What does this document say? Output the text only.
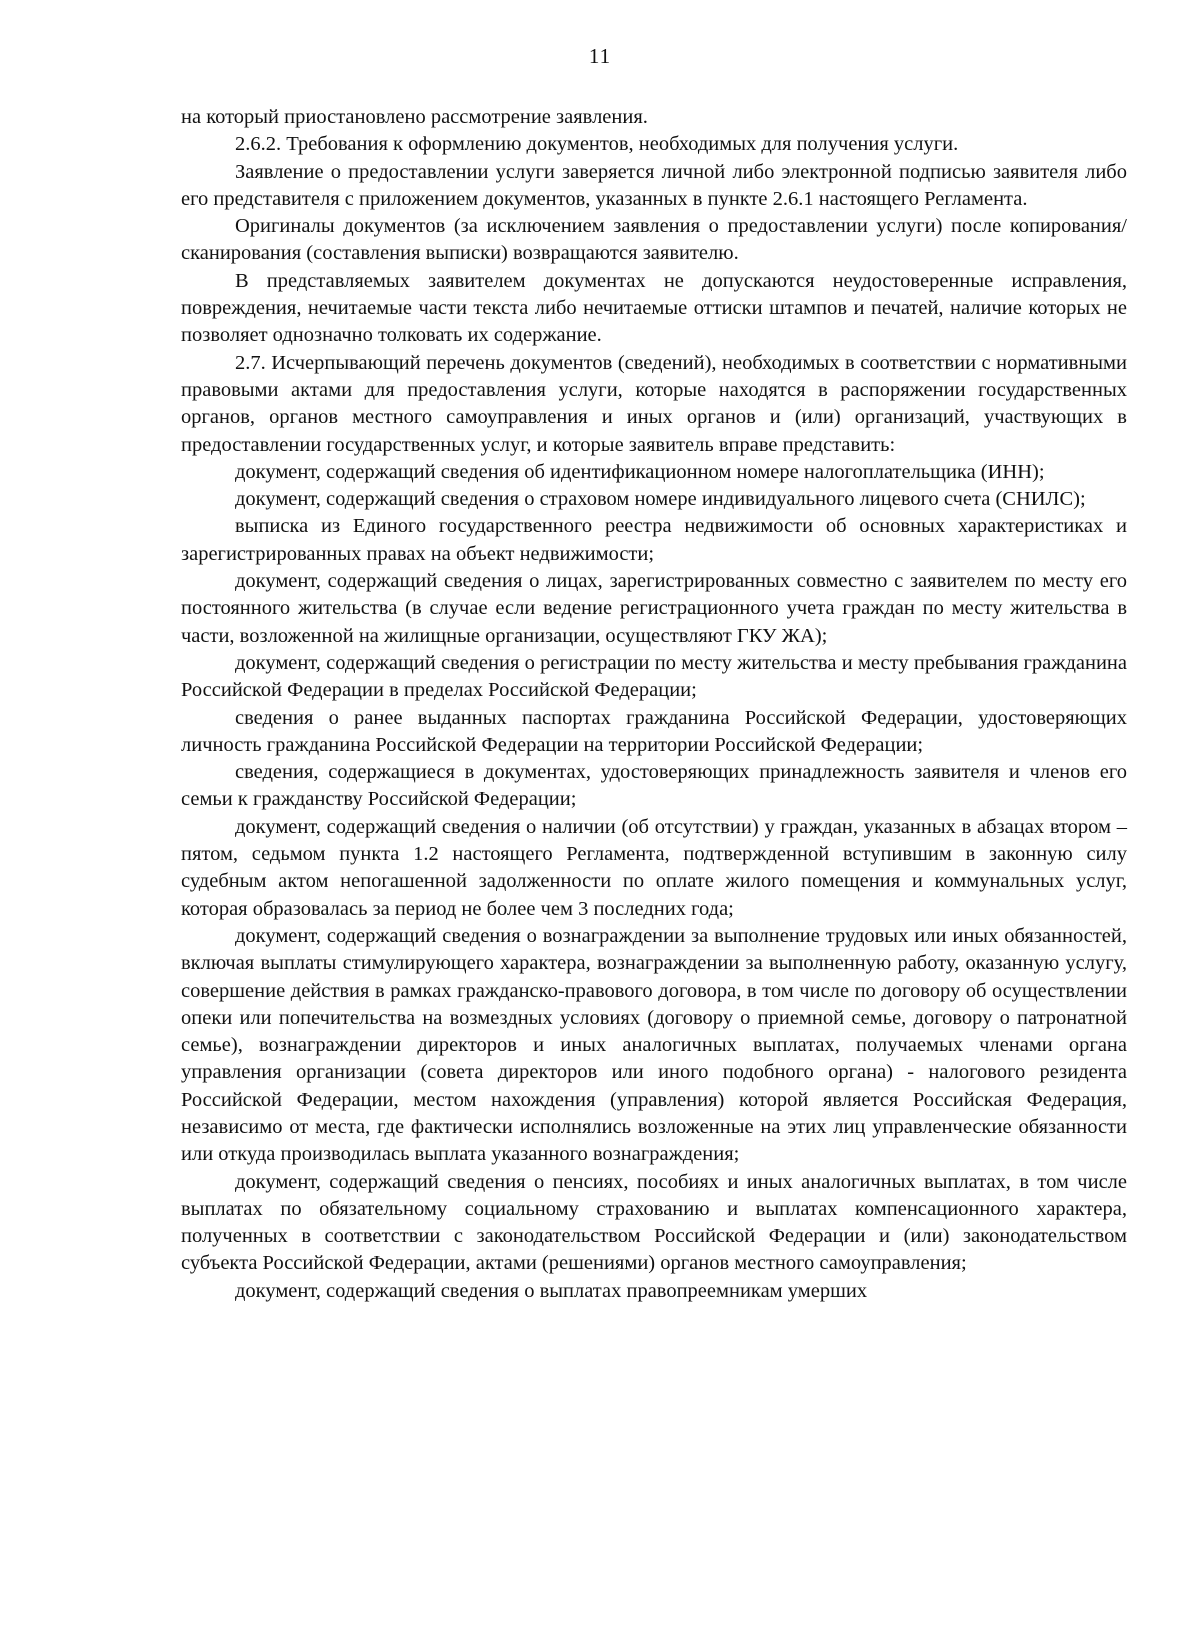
11

на который приостановлено рассмотрение заявления.

2.6.2. Требования к оформлению документов, необходимых для получения услуги.

Заявление о предоставлении услуги заверяется личной либо электронной подписью заявителя либо его представителя с приложением документов, указанных в пункте 2.6.1 настоящего Регламента.

Оригиналы документов (за исключением заявления о предоставлении услуги) после копирования/сканирования (составления выписки) возвращаются заявителю.

В представляемых заявителем документах не допускаются неудостоверенные исправления, повреждения, нечитаемые части текста либо нечитаемые оттиски штампов и печатей, наличие которых не позволяет однозначно толковать их содержание.

2.7. Исчерпывающий перечень документов (сведений), необходимых в соответствии с нормативными правовыми актами для предоставления услуги, которые находятся в распоряжении государственных органов, органов местного самоуправления и иных органов и (или) организаций, участвующих в предоставлении государственных услуг, и которые заявитель вправе представить:

документ, содержащий сведения об идентификационном номере налогоплательщика (ИНН);

документ, содержащий сведения о страховом номере индивидуального лицевого счета (СНИЛС);

выписка из Единого государственного реестра недвижимости об основных характеристиках и зарегистрированных правах на объект недвижимости;

документ, содержащий сведения о лицах, зарегистрированных совместно с заявителем по месту его постоянного жительства (в случае если ведение регистрационного учета граждан по месту жительства в части, возложенной на жилищные организации, осуществляют ГКУ ЖА);

документ, содержащий сведения о регистрации по месту жительства и месту пребывания гражданина Российской Федерации в пределах Российской Федерации;

сведения о ранее выданных паспортах гражданина Российской Федерации, удостоверяющих личность гражданина Российской Федерации на территории Российской Федерации;

сведения, содержащиеся в документах, удостоверяющих принадлежность заявителя и членов его семьи к гражданству Российской Федерации;

документ, содержащий сведения о наличии (об отсутствии) у граждан, указанных в абзацах втором – пятом, седьмом пункта 1.2 настоящего Регламента, подтвержденной вступившим в законную силу судебным актом непогашенной задолженности по оплате жилого помещения и коммунальных услуг, которая образовалась за период не более чем 3 последних года;

документ, содержащий сведения о вознаграждении за выполнение трудовых или иных обязанностей, включая выплаты стимулирующего характера, вознаграждении за выполненную работу, оказанную услугу, совершение действия в рамках гражданско-правового договора, в том числе по договору об осуществлении опеки или попечительства на возмездных условиях (договору о приемной семье, договору о патронатной семье), вознаграждении директоров и иных аналогичных выплатах, получаемых членами органа управления организации (совета директоров или иного подобного органа) - налогового резидента Российской Федерации, местом нахождения (управления) которой является Российская Федерация, независимо от места, где фактически исполнялись возложенные на этих лиц управленческие обязанности или откуда производилась выплата указанного вознаграждения;

документ, содержащий сведения о пенсиях, пособиях и иных аналогичных выплатах, в том числе выплатах по обязательному социальному страхованию и выплатах компенсационного характера, полученных в соответствии с законодательством Российской Федерации и (или) законодательством субъекта Российской Федерации, актами (решениями) органов местного самоуправления;

документ, содержащий сведения о выплатах правопреемникам умерших
